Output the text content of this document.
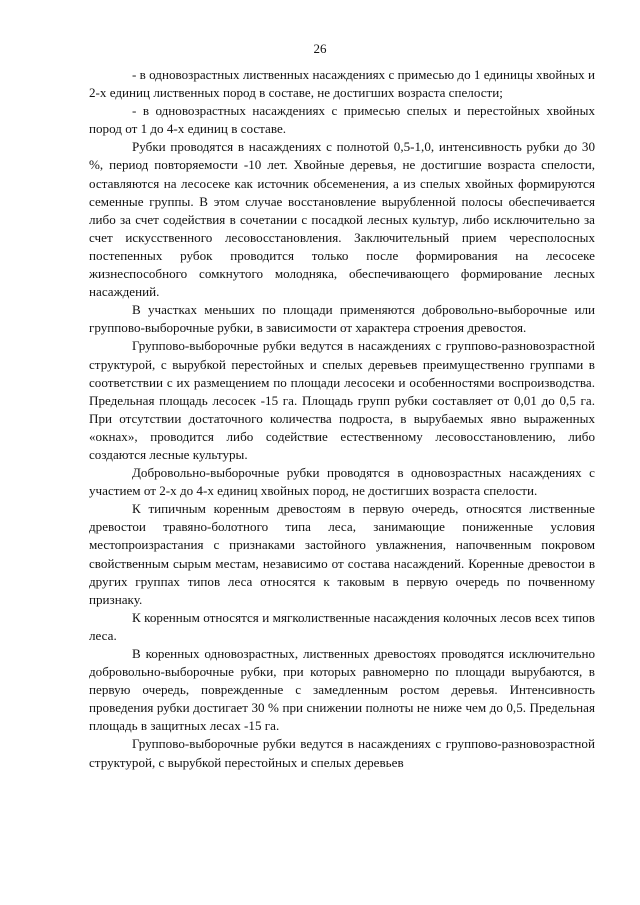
26

- в одновозрастных лиственных насаждениях с примесью до 1 единицы хвойных и 2-х единиц лиственных пород в составе, не достигших возраста спелости;

- в одновозрастных насаждениях с примесью спелых и перестойных хвойных пород от 1 до 4-х единиц в составе.

Рубки проводятся в насаждениях с полнотой 0,5-1,0, интенсивность рубки до 30 %, период повторяемости -10 лет. Хвойные деревья, не достигшие возраста спелости, оставляются на лесосеке как источник обсеменения, а из спелых хвойных формируются семенные группы. В этом случае восстановление вырубленной полосы обеспечивается либо за счет содействия в сочетании с посадкой лесных культур, либо исключительно за счет искусственного лесовосстановления. Заключительный прием чересполосных постепенных рубок проводится только после формирования на лесосеке жизнеспособного сомкнутого молодняка, обеспечивающего формирование лесных насаждений.

В участках меньших по площади применяются добровольно-выборочные или группово-выборочные рубки, в зависимости от характера строения древостоя.

Группово-выборочные рубки ведутся в насаждениях с группово-разновозрастной структурой, с вырубкой перестойных и спелых деревьев преимущественно группами в соответствии с их размещением по площади лесосеки и особенностями воспроизводства. Предельная площадь лесосек -15 га. Площадь групп рубки составляет от 0,01 до 0,5 га. При отсутствии достаточного количества подроста, в вырубаемых явно выраженных «окнах», проводится либо содействие естественному лесовосстановлению, либо создаются лесные культуры.

Добровольно-выборочные рубки проводятся в одновозрастных насаждениях с участием от 2-х до 4-х единиц хвойных пород, не достигших возраста спелости.

К типичным коренным древостоям в первую очередь, относятся лиственные древостои травяно-болотного типа леса, занимающие пониженные условия местопроизрастания с признаками застойного увлажнения, напочвенным покровом свойственным сырым местам, независимо от состава насаждений. Коренные древостои в других группах типов леса относятся к таковым в первую очередь по почвенному признаку.

К коренным относятся и мягколиственные насаждения колочных лесов всех типов леса.

В коренных одновозрастных, лиственных древостоях проводятся исключительно добровольно-выборочные рубки, при которых равномерно по площади вырубаются, в первую очередь, поврежденные с замедленным ростом деревья. Интенсивность проведения рубки достигает 30 % при снижении полноты не ниже чем до 0,5. Предельная площадь в защитных лесах -15 га.

Группово-выборочные рубки ведутся в насаждениях с группово-разновозрастной структурой, с вырубкой перестойных и спелых деревьев
